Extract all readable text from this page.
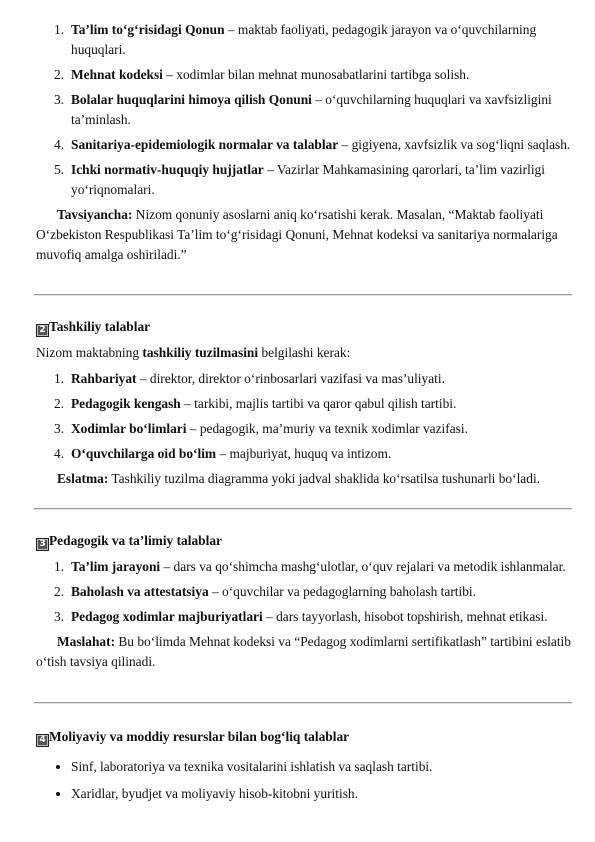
1. Ta’lim to‘g‘risidagi Qonun – maktab faoliyati, pedagogik jarayon va o‘quvchilarning huquqlari.
2. Mehnat kodeksi – xodimlar bilan mehnat munosabatlarini tartibga solish.
3. Bolalar huquqlarini himoya qilish Qonuni – o‘quvchilarning huquqlari va xavfsizligini ta’minlash.
4. Sanitariya-epidemiologik normalar va talablar – gigiyena, xavfsizlik va sog‘liqni saqlash.
5. Ichki normativ-huquqiy hujjatlar – Vazirlar Mahkamasining qarorlari, ta’lim vazirligi yo‘riqnomalari.

Tavsiyancha: Nizom qonuniy asoslarni aniq ko‘rsatishi kerak. Masalan, “Maktab faoliyati O‘zbekiston Respublikasi Ta’lim to‘g‘risidagi Qonuni, Mehnat kodeksi va sanitariya normalariga muvofiq amalga oshiriladi.”

2 Tashkiliy talablar

Nizom maktabning tashkiliy tuzilmasini belgilashi kerak:

1. Rahbariyat – direktor, direktor o‘rinbosarlari vazifasi va mas’uliyati.
2. Pedagogik kengash – tarkibi, majlis tartibi va qaror qabul qilish tartibi.
3. Xodimlar bo‘limlari – pedagogik, ma’muriy va texnik xodimlar vazifasi.
4. O‘quvchilarga oid bo‘lim – majburiyat, huquq va intizom.

Eslatma: Tashkiliy tuzilma diagramma yoki jadval shaklida ko‘rsatilsa tushunarli bo‘ladi.

3 Pedagogik va ta’limiy talablar

1. Ta’lim jarayoni – dars va qo‘shimcha mashg‘ulotlar, o‘quv rejalari va metodik ishlanmalar.
2. Baholash va attestatsiya – o‘quvchilar va pedagoglarning baholash tartibi.
3. Pedagog xodimlar majburiyatlari – dars tayyorlash, hisobot topshirish, mehnat etikasi.

Maslahat: Bu bo‘limda Mehnat kodeksi va “Pedagog xodimlarni sertifikatlash” tartibini eslatib o‘tish tavsiya qilinadi.

4 Moliyaviy va moddiy resurslar bilan bog‘liq talablar

Sinf, laboratoriya va texnika vositalarini ishlatish va saqlash tartibi.
Xaridlar, byudjet va moliyaviy hisob-kitobni yuritish.
